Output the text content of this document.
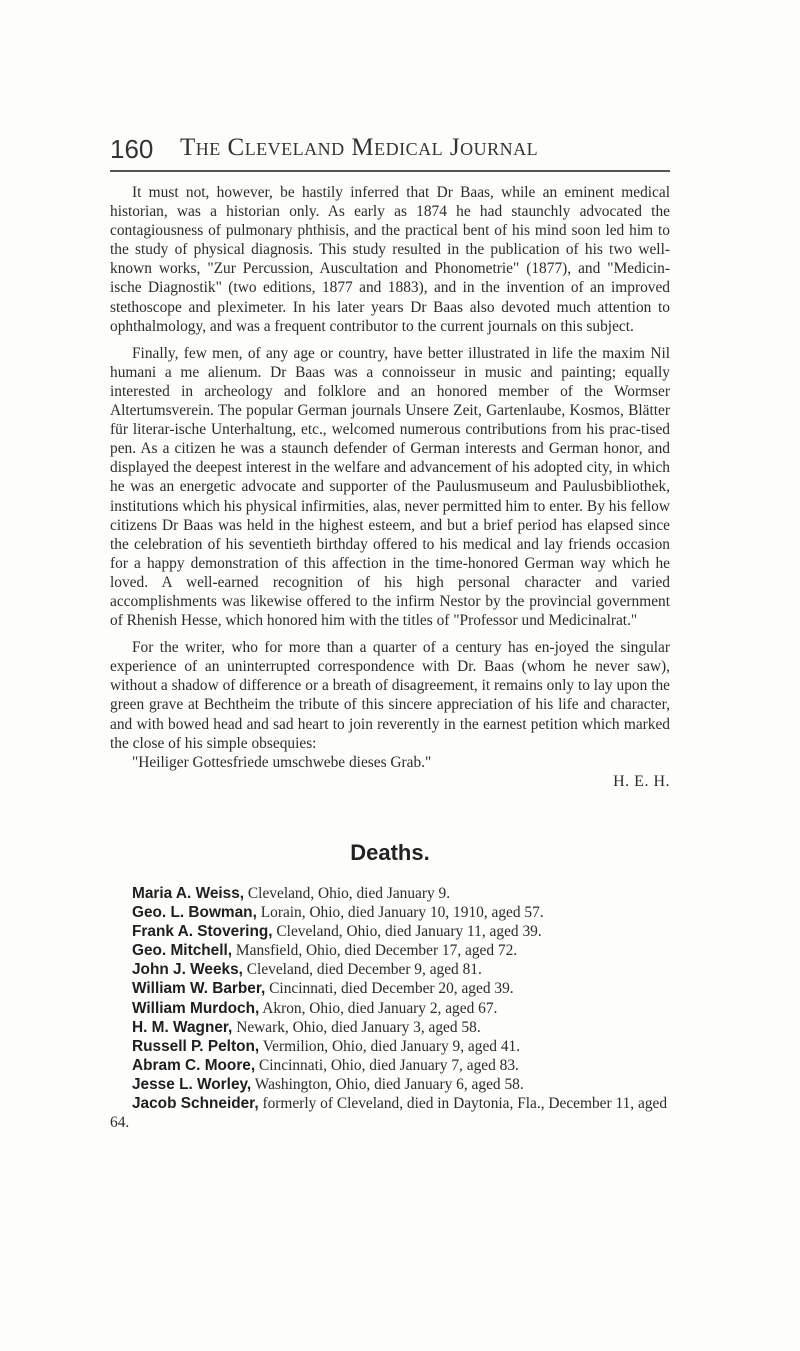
160 The Cleveland Medical Journal

It must not, however, be hastily inferred that Dr Baas, while an eminent medical historian, was a historian only. As early as 1874 he had staunchly advocated the contagiousness of pulmonary phthisis, and the practical bent of his mind soon led him to the study of physical diagnosis. This study resulted in the publication of his two well-known works, "Zur Percussion, Auscultation and Phonometrie" (1877), and "Medicin-ische Diagnostik" (two editions, 1877 and 1883), and in the invention of an improved stethoscope and pleximeter. In his later years Dr Baas also devoted much attention to ophthalmology, and was a frequent contributor to the current journals on this subject.

Finally, few men, of any age or country, have better illustrated in life the maxim Nil humani a me alienum. Dr Baas was a connoisseur in music and painting; equally interested in archeology and folklore and an honored member of the Wormser Altertumsverein. The popular German journals Unsere Zeit, Gartenlaube, Kosmos, Blätter für literar-ische Unterhaltung, etc., welcomed numerous contributions from his prac-tised pen. As a citizen he was a staunch defender of German interests and German honor, and displayed the deepest interest in the welfare and advancement of his adopted city, in which he was an energetic advocate and supporter of the Paulusmuseum and Paulusbibliothek, institutions which his physical infirmities, alas, never permitted him to enter. By his fellow citizens Dr Baas was held in the highest esteem, and but a brief period has elapsed since the celebration of his seventieth birthday offered to his medical and lay friends occasion for a happy demonstration of this affection in the time-honored German way which he loved. A well-earned recognition of his high personal character and varied accomplishments was likewise offered to the infirm Nestor by the provincial government of Rhenish Hesse, which honored him with the titles of "Professor und Medicinalrat."

For the writer, who for more than a quarter of a century has en-joyed the singular experience of an uninterrupted correspondence with Dr. Baas (whom he never saw), without a shadow of difference or a breath of disagreement, it remains only to lay upon the green grave at Bechtheim the tribute of this sincere appreciation of his life and character, and with bowed head and sad heart to join reverently in the earnest petition which marked the close of his simple obsequies:

"Heiliger Gottesfriede umschwebe dieses Grab."

H. E. H.

Deaths.
Maria A. Weiss, Cleveland, Ohio, died January 9.
Geo. L. Bowman, Lorain, Ohio, died January 10, 1910, aged 57.
Frank A. Stovering, Cleveland, Ohio, died January 11, aged 39.
Geo. Mitchell, Mansfield, Ohio, died December 17, aged 72.
John J. Weeks, Cleveland, died December 9, aged 81.
William W. Barber, Cincinnati, died December 20, aged 39.
William Murdoch, Akron, Ohio, died January 2, aged 67.
H. M. Wagner, Newark, Ohio, died January 3, aged 58.
Russell P. Pelton, Vermilion, Ohio, died January 9, aged 41.
Abram C. Moore, Cincinnati, Ohio, died January 7, aged 83.
Jesse L. Worley, Washington, Ohio, died January 6, aged 58.
Jacob Schneider, formerly of Cleveland, died in Daytonia, Fla., December 11, aged 64.
